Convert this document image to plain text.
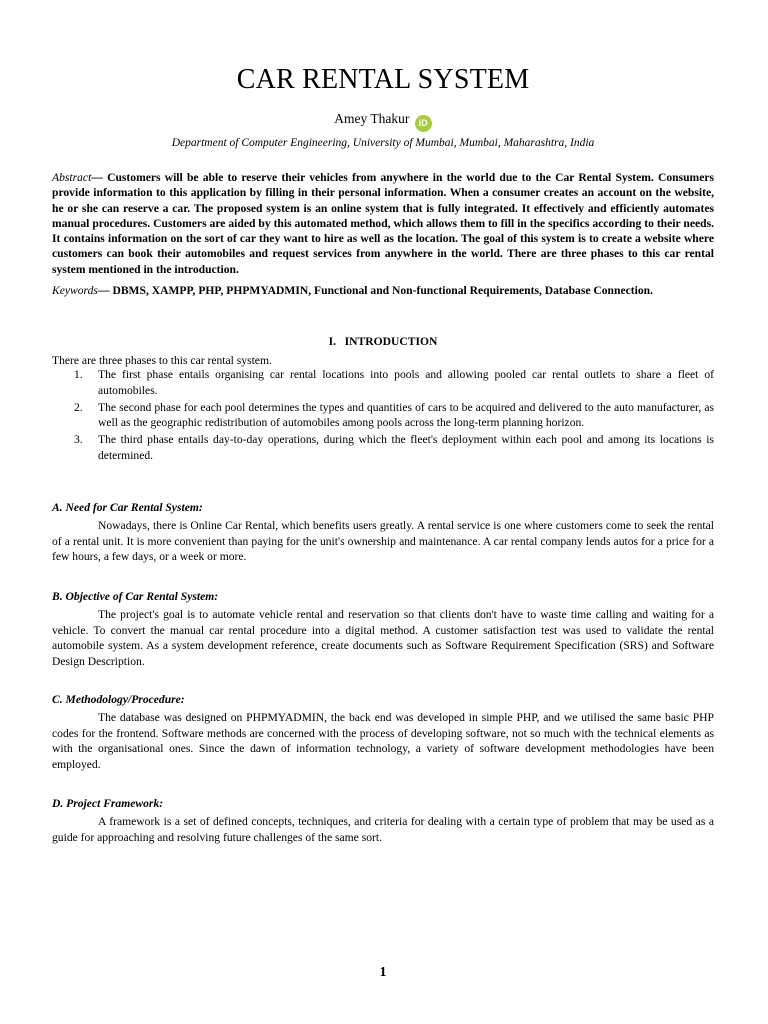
CAR RENTAL SYSTEM
Amey Thakur iD
Department of Computer Engineering, University of Mumbai, Mumbai, Maharashtra, India

Abstract— Customers will be able to reserve their vehicles from anywhere in the world due to the Car Rental System. Consumers provide information to this application by filling in their personal information. When a consumer creates an account on the website, he or she can reserve a car. The proposed system is an online system that is fully integrated. It effectively and efficiently automates manual procedures. Customers are aided by this automated method, which allows them to fill in the specifics according to their needs. It contains information on the sort of car they want to hire as well as the location. The goal of this system is to create a website where customers can book their automobiles and request services from anywhere in the world. There are three phases to this car rental system mentioned in the introduction.

Keywords— DBMS, XAMPP, PHP, PHPMYADMIN, Functional and Non-functional Requirements, Database Connection.

I.   INTRODUCTION

There are three phases to this car rental system.

1. The first phase entails organising car rental locations into pools and allowing pooled car rental outlets to share a fleet of automobiles.
2. The second phase for each pool determines the types and quantities of cars to be acquired and delivered to the auto manufacturer, as well as the geographic redistribution of automobiles among pools across the long-term planning horizon.
3. The third phase entails day-to-day operations, during which the fleet's deployment within each pool and among its locations is determined.
A. Need for Car Rental System:

Nowadays, there is Online Car Rental, which benefits users greatly. A rental service is one where customers come to seek the rental of a rental unit. It is more convenient than paying for the unit's ownership and maintenance. A car rental company lends autos for a price for a few hours, a few days, or a week or more.

B. Objective of Car Rental System:

The project's goal is to automate vehicle rental and reservation so that clients don't have to waste time calling and waiting for a vehicle. To convert the manual car rental procedure into a digital method. A customer satisfaction test was used to validate the rental automobile system. As a system development reference, create documents such as Software Requirement Specification (SRS) and Software Design Description.

C. Methodology/Procedure:

The database was designed on PHPMYADMIN, the back end was developed in simple PHP, and we utilised the same basic PHP codes for the frontend. Software methods are concerned with the process of developing software, not so much with the technical elements as with the organisational ones. Since the dawn of information technology, a variety of software development methodologies have been employed.

D. Project Framework:

A framework is a set of defined concepts, techniques, and criteria for dealing with a certain type of problem that may be used as a guide for approaching and resolving future challenges of the same sort.

1
